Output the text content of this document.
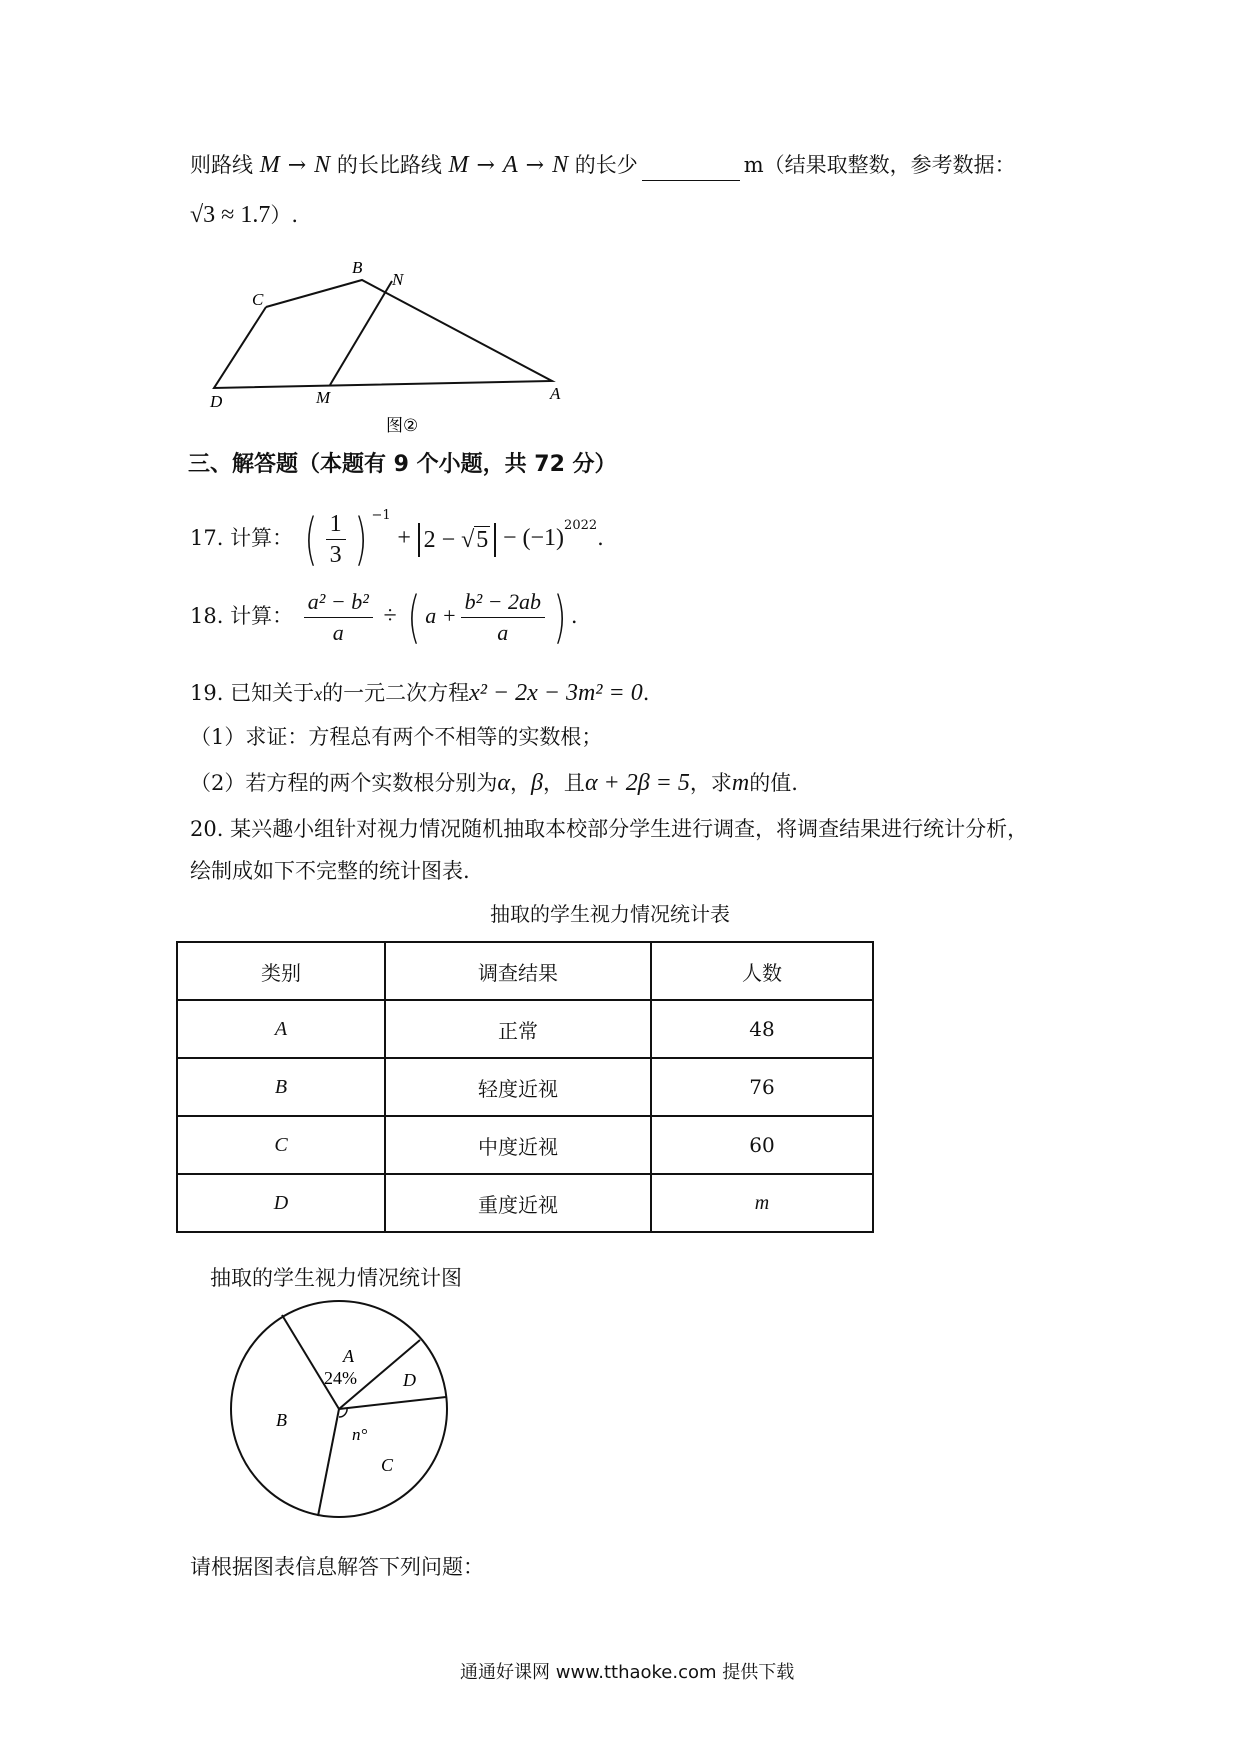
则路线 M → N 的长比路线 M → A → N 的长少	m（结果取整数，参考数据：
√3 ≈ 1.7）.
B
N
C
D	M	A
图②
三、解答题（本题有 9 个小题，共 72 分）
17. 计算： ( $\frac{1}{3}$ ) $^{-1} + 2 - √5 - (-1)^{2022}$.
18. 计算： $\frac{\text{a² − b²}}{a}$ ÷ ( $a + \frac{\text{b² − 2ab}}{a}$ ) .
19. 已知关于x的一元二次方程x² − 2x − 3m² = 0.
（1）求证：方程总有两个不相等的实数根；
（2）若方程的两个实数根分别为α，β，且α + 2β = 5，求m的值.
20. 某兴趣小组针对视力情况随机抽取本校部分学生进行调查，将调查结果进行统计分析，
绘制成如下不完整的统计图表.
抽取的学生视力情况统计表
类别	调查结果	人数
A	正常	48
B	轻度近视	76
C	中度近视	60
D	重度近视	m
抽取的学生视力情况统计图
A
24%
B
C
D
n°
请根据图表信息解答下列问题：
通通好课网 www.tthaoke.com 提供下载
